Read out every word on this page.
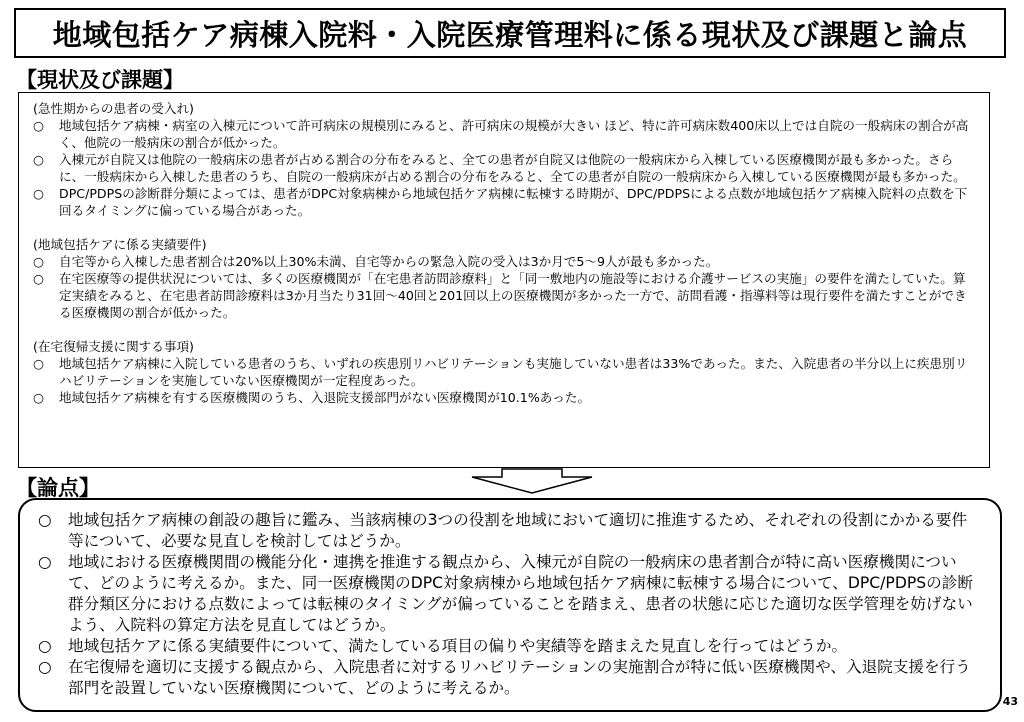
地域包括ケア病棟入院料・入院医療管理料に係る現状及び課題と論点
【現状及び課題】
(急性期からの患者の受入れ)
○	地域包括ケア病棟・病室の入棟元について許可病床の規模別にみると、許可病床の規模が大きい ほど、特に許可病床数400床以上では自院の一般病床の割合が高く、他院の一般病床の割合が低かった。
○	入棟元が自院又は他院の一般病床の患者が占める割合の分布をみると、全ての患者が自院又は他院の一般病床から入棟している医療機関が最も多かった。さらに、一般病床から入棟した患者のうち、自院の一般病床が占める割合の分布をみると、全ての患者が自院の一般病床から入棟している医療機関が最も多かった。
○	DPC/PDPSの診断群分類によっては、患者がDPC対象病棟から地域包括ケア病棟に転棟する時期が、DPC/PDPSによる点数が地域包括ケア病棟入院料の点数を下回るタイミングに偏っている場合があった。
(地域包括ケアに係る実績要件)
○	自宅等から入棟した患者割合は20%以上30%未満、自宅等からの緊急入院の受入は3か月で5〜9人が最も多かった。
○	在宅医療等の提供状況については、多くの医療機関が「在宅患者訪問診療料」と「同一敷地内の施設等における介護サービスの実施」の要件を満たしていた。算定実績をみると、在宅患者訪問診療料は3か月当たり31回〜40回と201回以上の医療機関が多かった一方で、訪問看護・指導料等は現行要件を満たすことができる医療機関の割合が低かった。
(在宅復帰支援に関する事項)
○	地域包括ケア病棟に入院している患者のうち、いずれの疾患別リハビリテーションも実施していない患者は33%であった。また、入院患者の半分以上に疾患別リハビリテーションを実施していない医療機関が一定程度あった。
○	地域包括ケア病棟を有する医療機関のうち、入退院支援部門がない医療機関が10.1%あった。
【論点】
○	地域包括ケア病棟の創設の趣旨に鑑み、当該病棟の3つの役割を地域において適切に推進するため、それぞれの役割にかかる要件等について、必要な見直しを検討してはどうか。
○	地域における医療機関間の機能分化・連携を推進する観点から、入棟元が自院の一般病床の患者割合が特に高い医療機関について、どのように考えるか。また、同一医療機関のDPC対象病棟から地域包括ケア病棟に転棟する場合について、DPC/PDPSの診断群分類区分における点数によっては転棟のタイミングが偏っていることを踏まえ、患者の状態に応じた適切な医学管理を妨げないよう、入院料の算定方法を見直してはどうか。
○	地域包括ケアに係る実績要件について、満たしている項目の偏りや実績等を踏まえた見直しを行ってはどうか。
○	在宅復帰を適切に支援する観点から、入院患者に対するリハビリテーションの実施割合が特に低い医療機関や、入退院支援を行う部門を設置していない医療機関について、どのように考えるか。
43
